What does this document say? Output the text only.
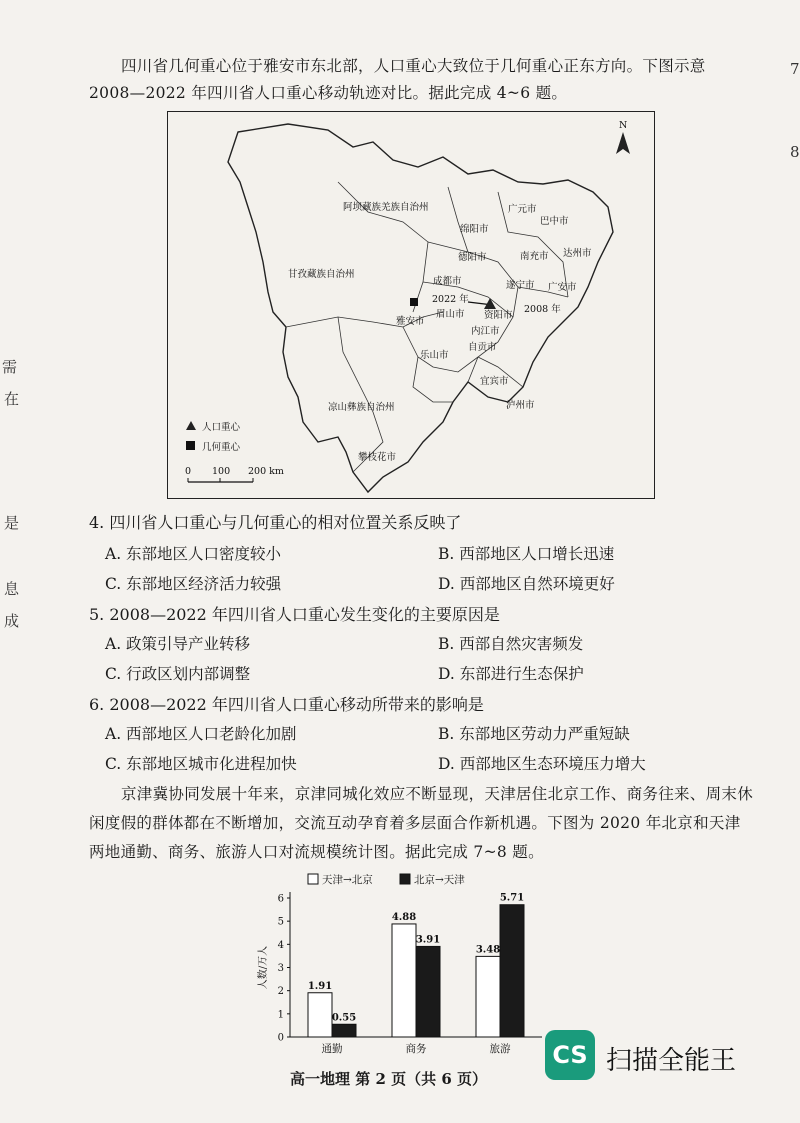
7
8
需
在
是
息
成
四川省几何重心位于雅安市东北部，人口重心大致位于几何重心正东方向。下图示意
2008—2022 年四川省人口重心移动轨迹对比。据此完成 4~6 题。
N
阿坝藏族羌族自治州
甘孜藏族自治州
凉山彝族自治州
广元市
巴中市
绵阳市
达州市
南充市
德阳市
成都市
广安市
遂宁市
雅安市
眉山市 资阳市
内江市
乐山市
自贡市
宜宾市
泸州市
攀枝花市
2022 年
2008 年
人口重心
几何重心
0 100 200 km
4. 四川省人口重心与几何重心的相对位置关系反映了
A. 东部地区人口密度较小	B. 西部地区人口增长迅速
C. 东部地区经济活力较强	D. 西部地区自然环境更好
5. 2008—2022 年四川省人口重心发生变化的主要原因是
A. 政策引导产业转移	B. 西部自然灾害频发
C. 行政区划内部调整	D. 东部进行生态保护
6. 2008—2022 年四川省人口重心移动所带来的影响是
A. 西部地区人口老龄化加剧	B. 东部地区劳动力严重短缺
C. 东部地区城市化进程加快	D. 西部地区生态环境压力增大
京津冀协同发展十年来，京津同城化效应不断显现，天津居住北京工作、商务往来、周末休
闲度假的群体都在不断增加，交流互动孕育着多层面合作新机遇。下图为 2020 年北京和天津
两地通勤、商务、旅游人口对流规模统计图。据此完成 7~8 题。
0
1
2
3
4
5
6
人数/万人
天津→北京	北京→天津
1.91
0.55
通勤
4.88
3.91
商务
3.48
5.71
旅游
高一地理 第 2 页（共 6 页）
CS 扫描全能王
